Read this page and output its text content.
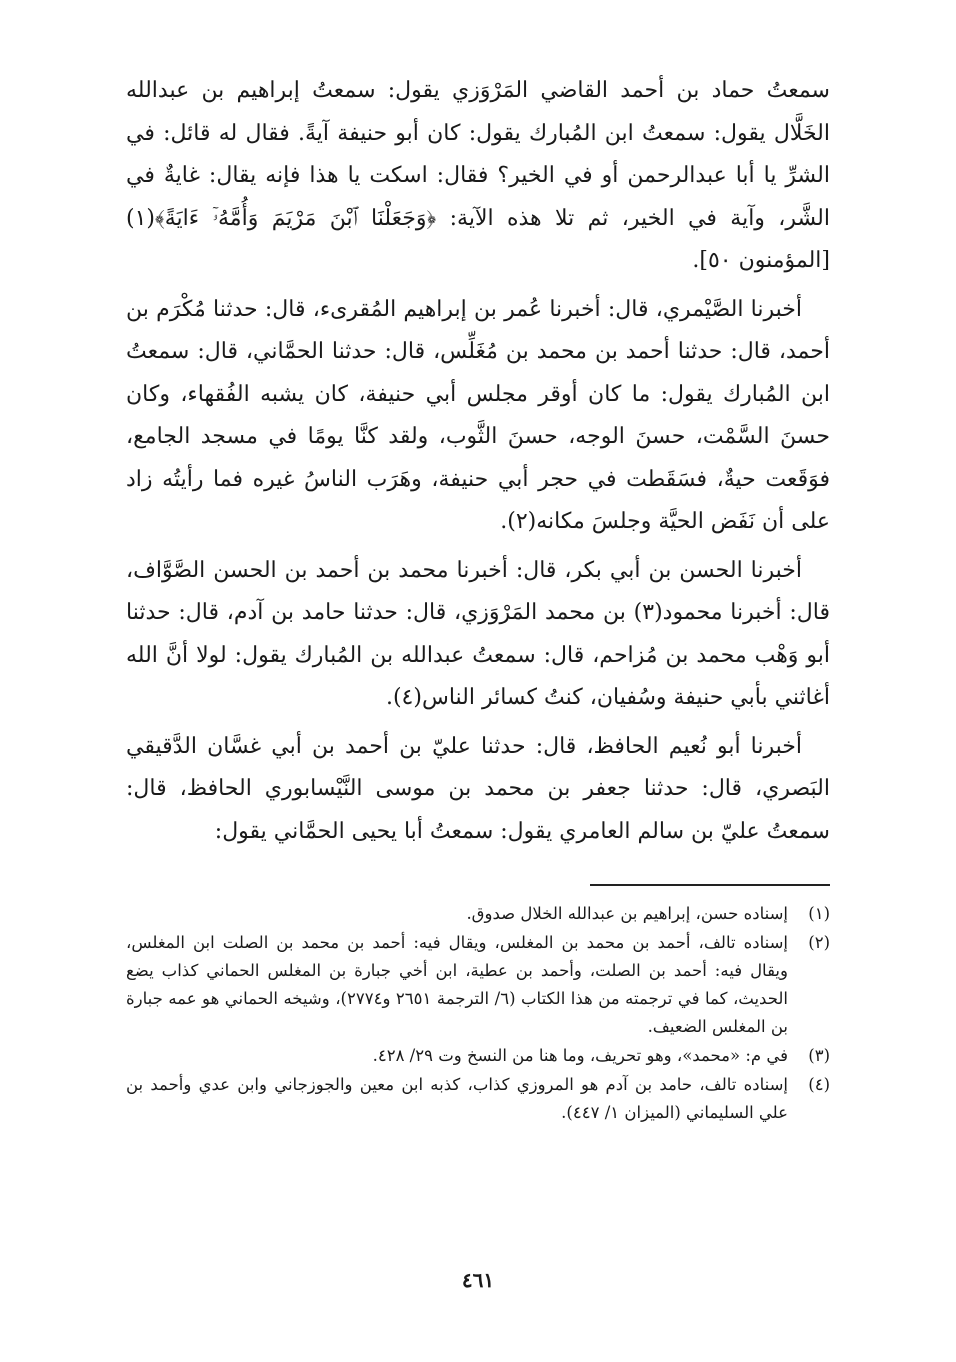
سمعتُ حماد بن أحمد القاضي المَرْوَزي يقول: سمعتُ إبراهيم بن عبدالله الخَلَّال يقول: سمعتُ ابن المُبارك يقول: كان أبو حنيفة آيةً. فقال له قائل: في الشرِّ يا أبا عبدالرحمن أو في الخير؟ فقال: اسكت يا هذا فإنه يقال: غايةٌ في الشَّر، وآية في الخير، ثم تلا هذه الآية: ﴿وَجَعَلْنَا ٱبْنَ مَرْيَمَ وَأُمَّهُۥٓ ءَايَةً﴾(١) [المؤمنون ٥٠].

أخبرنا الصَّيْمري، قال: أخبرنا عُمر بن إبراهيم المُقرىء، قال: حدثنا مُكْرَم بن أحمد، قال: حدثنا أحمد بن محمد بن مُغَلِّس، قال: حدثنا الحمَّاني، قال: سمعتُ ابن المُبارك يقول: ما كان أوقر مجلس أبي حنيفة، كان يشبه الفُقهاء، وكان حسنَ السَّمْت، حسنَ الوجه، حسنَ الثَّوب، ولقد كنَّا يومًا في مسجد الجامع، فوَقَعت حيةٌ، فسَقَطت في حجر أبي حنيفة، وهَرَب الناسُ غيره فما رأيتُه زاد على أن نَفَض الحيَّة وجلسَ مكانه(٢).

أخبرنا الحسن بن أبي بكر، قال: أخبرنا محمد بن أحمد بن الحسن الصَّوَّاف، قال: أخبرنا محمود(٣) بن محمد المَرْوَزي، قال: حدثنا حامد بن آدم، قال: حدثنا أبو وَهْب محمد بن مُزاحم، قال: سمعتُ عبدالله بن المُبارك يقول: لولا أنَّ الله أغاثني بأبي حنيفة وسُفيان، كنتُ كسائر الناس(٤).

أخبرنا أبو نُعيم الحافظ، قال: حدثنا عليّ بن أحمد بن أبي غسَّان الدَّقيقي البَصري، قال: حدثنا جعفر بن محمد بن موسى النَّيْسابوري الحافظ، قال: سمعتُ عليّ بن سالم العامري يقول: سمعتُ أبا يحيى الحمَّاني يقول:

(١)
إسناده حسن، إبراهيم بن عبدالله الخلال صدوق.
(٢)
إسناده تالف، أحمد بن محمد بن المغلس، ويقال فيه: أحمد بن محمد بن الصلت ابن المغلس، ويقال فيه: أحمد بن الصلت، وأحمد بن عطية، ابن أخي جبارة بن المغلس الحماني كذاب يضع الحديث، كما في ترجمته من هذا الكتاب (٦/ الترجمة ٢٦٥١ و٢٧٧٤)، وشيخه الحماني هو عمه جبارة بن المغلس الضعيف.
(٣)
في م: «محمد»، وهو تحريف، وما هنا من النسخ وت ٢٩/ ٤٢٨.
(٤)
إسناده تالف، حامد بن آدم هو المروزي كذاب، كذبه ابن معين والجوزجاني وابن عدي وأحمد بن علي السليماني (الميزان ١/ ٤٤٧).
٤٦١
